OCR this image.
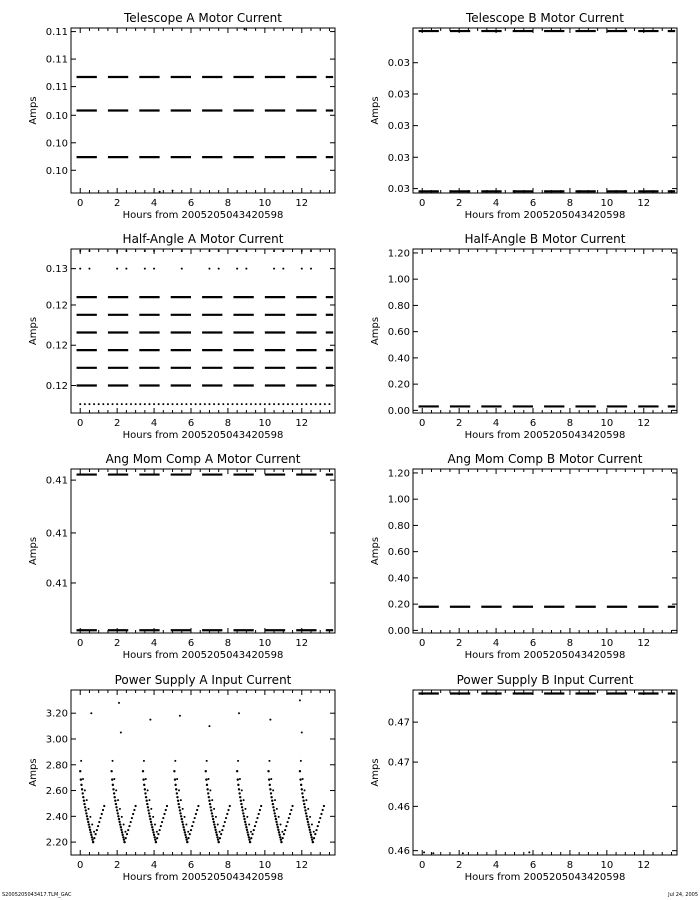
Telescope A Motor Current
0	2	4	6	8	10 12
Hours from 2005205043420598
0.10
0.10
0.10
0.11
0.11
0.11
Amps
Telescope B Motor Current
0	2	4	6	8	10 12
Hours from 2005205043420598
0.03
0.03
0.03
0.03
0.03
Amps
Half-Angle A Motor Current
0	2	4	6	8	10 12
Hours from 2005205043420598
0.12
0.12
0.12
0.13
Amps
Half-Angle B Motor Current
0	2	4	6	8	10 12
Hours from 2005205043420598
0.00
0.20
0.40
0.60
0.80
1.00
1.20
Amps
Ang Mom Comp A Motor Current
0	2	4	6	8	10 12
Hours from 2005205043420598
0.41
0.41
0.41
Amps
Ang Mom Comp B Motor Current
0	2	4	6	8	10 12
Hours from 2005205043420598
0.00
0.20
0.40
0.60
0.80
1.00
1.20
Amps
Power Supply A Input Current
0	2	4	6	8	10 12
Hours from 2005205043420598
2.20
2.40
2.60
2.80
3.00
3.20
Amps
Power Supply B Input Current
0	2	4	6	8	10 12
Hours from 2005205043420598
0.46
0.46
0.47
0.47
Amps
S2005205043417.TLM_GAC	Jul 24, 2005
